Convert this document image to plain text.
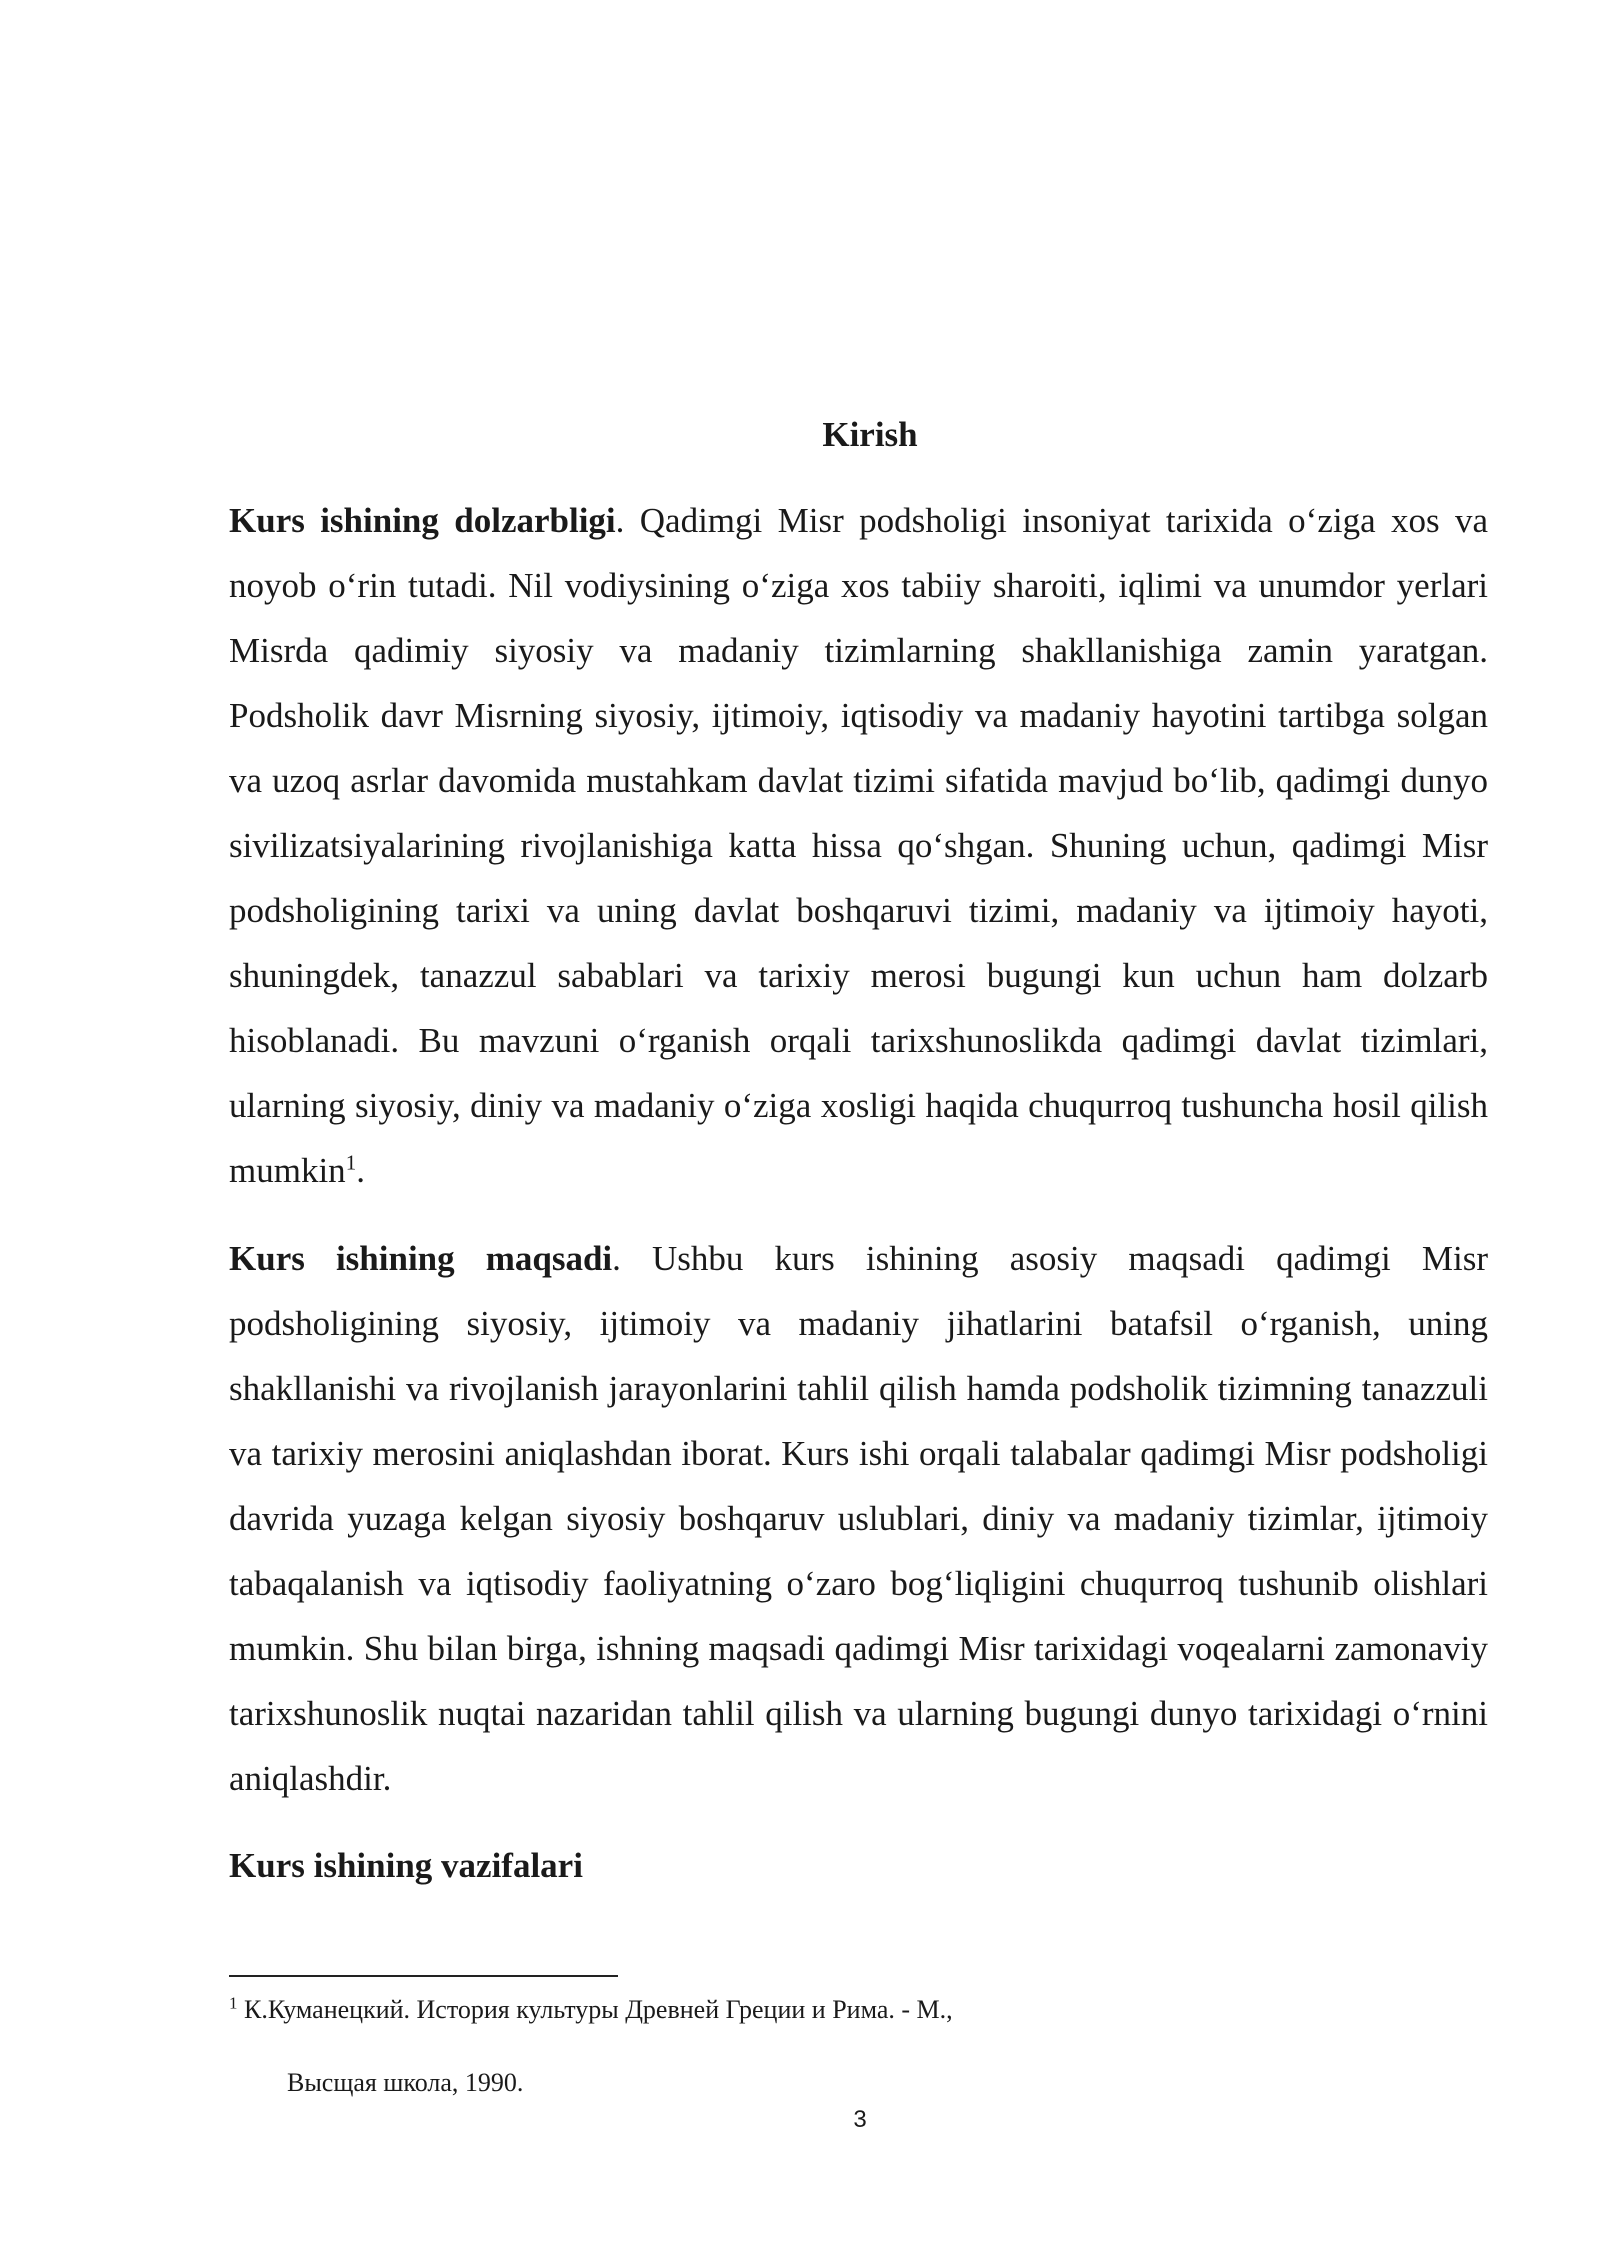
Kirish

Kurs ishining dolzarbligi. Qadimgi Misr podsholigi insoniyat tarixida o‘ziga xos va noyob o‘rin tutadi. Nil vodiysining o‘ziga xos tabiiy sharoiti, iqlimi va unumdor yerlari Misrda qadimiy siyosiy va madaniy tizimlarning shakllanishiga zamin yaratgan. Podsholik davr Misrning siyosiy, ijtimoiy, iqtisodiy va madaniy hayotini tartibga solgan va uzoq asrlar davomida mustahkam davlat tizimi sifatida mavjud bo‘lib, qadimgi dunyo sivilizatsiyalarining rivojlanishiga katta hissa qo‘shgan. Shuning uchun, qadimgi Misr podsholigining tarixi va uning davlat boshqaruvi tizimi, madaniy va ijtimoiy hayoti, shuningdek, tanazzul sabablari va tarixiy merosi bugungi kun uchun ham dolzarb hisoblanadi. Bu mavzuni o‘rganish orqali tarixshunoslikda qadimgi davlat tizimlari, ularning siyosiy, diniy va madaniy o‘ziga xosligi haqida chuqurroq tushuncha hosil qilish mumkin$^1$.

Kurs ishining maqsadi. Ushbu kurs ishining asosiy maqsadi qadimgi Misr podsholigining siyosiy, ijtimoiy va madaniy jihatlarini batafsil o‘rganish, uning shakllanishi va rivojlanish jarayonlarini tahlil qilish hamda podsholik tizimning tanazzuli va tarixiy merosini aniqlashdan iborat. Kurs ishi orqali talabalar qadimgi Misr podsholigi davrida yuzaga kelgan siyosiy boshqaruv uslublari, diniy va madaniy tizimlar, ijtimoiy tabaqalanish va iqtisodiy faoliyatning o‘zaro bog‘liqligini chuqurroq tushunib olishlari mumkin. Shu bilan birga, ishning maqsadi qadimgi Misr tarixidagi voqealarni zamonaviy tarixshunoslik nuqtai nazaridan tahlil qilish va ularning bugungi dunyo tarixidagi o‘rnini aniqlashdir.

Kurs ishining vazifalari

$^1$ К.Куманецкий. История культуры Древней Греции и Рима. - М.,

Высщая школа, 1990.

3
